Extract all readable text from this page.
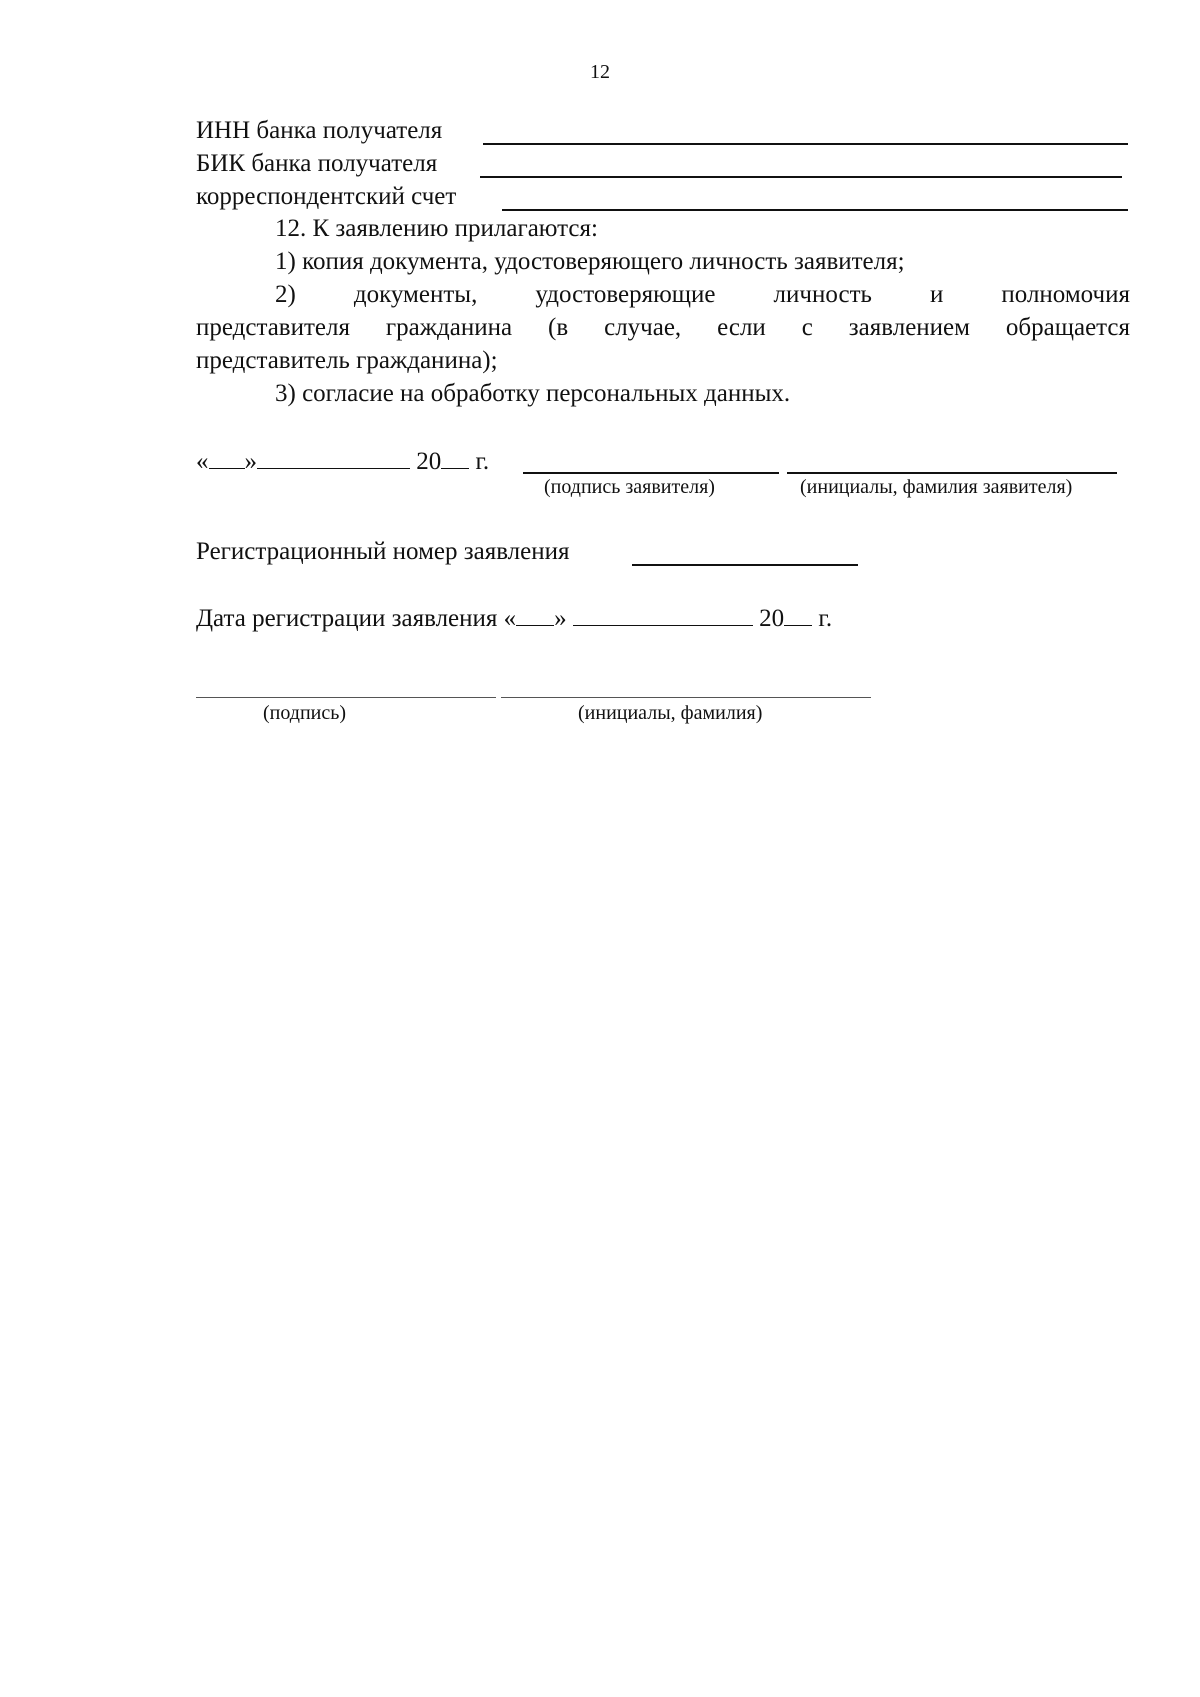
12
ИНН банка получателя
БИК банка получателя
корреспондентский счет
12. К заявлению прилагаются:
1) копия документа, удостоверяющего личность заявителя;
2) документы, удостоверяющие личность и полномочия
представителя гражданина (в случае, если с заявлением обращается
представитель гражданина);
3) согласие на обработку персональных данных.
« »	20 г.
(подпись заявителя)	(инициалы, фамилия заявителя)
Регистрационный номер заявления
Дата регистрации заявления « »	20 г.
(подпись)	(инициалы, фамилия)
